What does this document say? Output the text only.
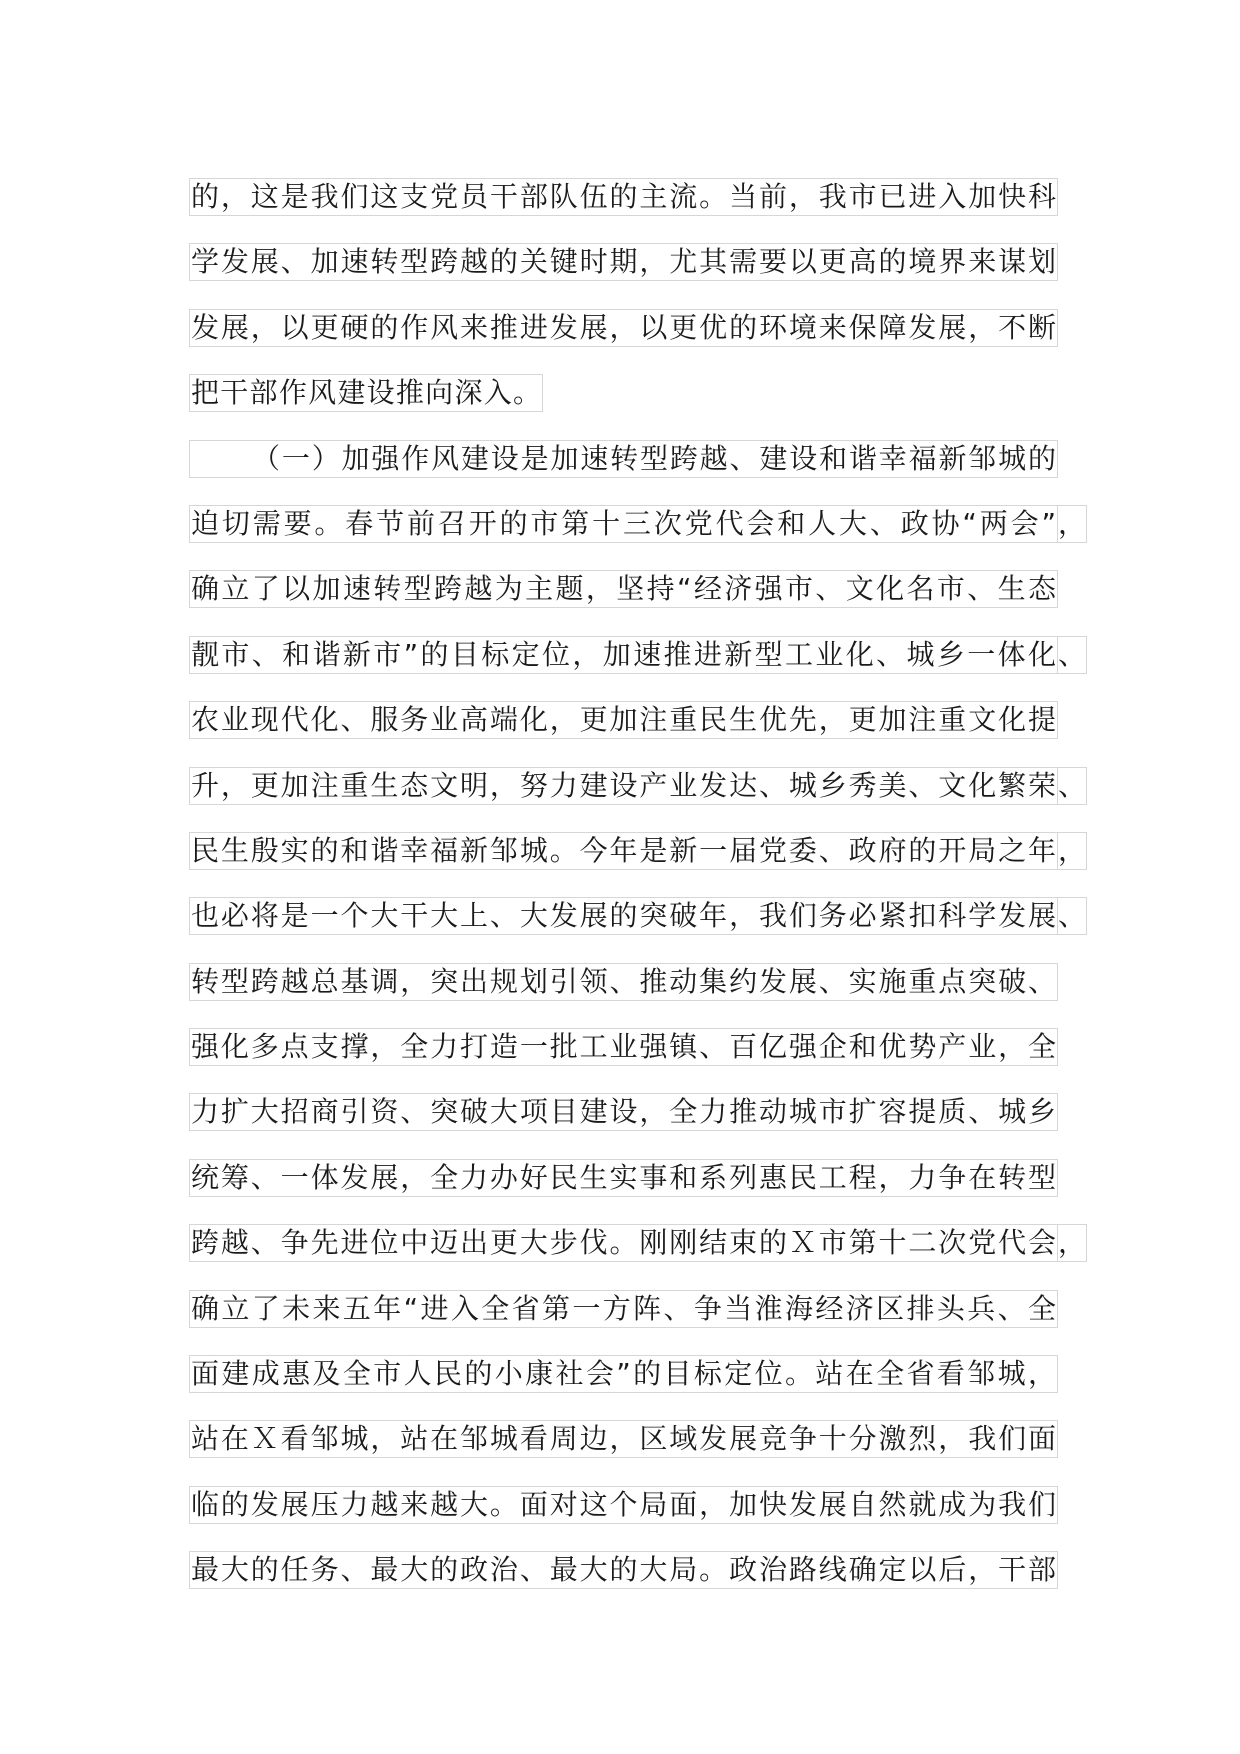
的，这是我们这支党员干部队伍的主流。当前，我市已进入加快科
学发展、加速转型跨越的关键时期，尤其需要以更高的境界来谋划
发展，以更硬的作风来推进发展，以更优的环境来保障发展，不断
把干部作风建设推向深入。
（一）加强作风建设是加速转型跨越、建设和谐幸福新邹城的
迫切需要。春节前召开的市第十三次党代会和人大、政协“两会” ，
确立了以加速转型跨越为主题，坚持“经济强市、文化名市、生态
靓市、和谐新市”的目标定位，加速推进新型工业化、城乡一体化 、
农业现代化、服务业高端化，更加注重民生优先，更加注重文化提
升，更加注重生态文明，努力建设产业发达、城乡秀美、文化繁荣 、
民生殷实的和谐幸福新邹城。今年是新一届党委、政府的开局之年 ，
也必将是一个大干大上、大发展的突破年，我们务必紧扣科学发展 、
转型跨越总基调，突出规划引领、推动集约发展、实施重点突破、
强化多点支撑，全力打造一批工业强镇、百亿强企和优势产业，全
力扩大招商引资、突破大项目建设，全力推动城市扩容提质、城乡
统筹、一体发展，全力办好民生实事和系列惠民工程，力争在转型
跨越、争先进位中迈出更大步伐。刚刚结束的Ｘ市第十二次党代会 ，
确立了未来五年“进入全省第一方阵、争当淮海经济区排头兵、全
面建成惠及全市人民的小康社会”的目标定位。站在全省看邹城，
站在Ｘ看邹城，站在邹城看周边，区域发展竞争十分激烈，我们面
临的发展压力越来越大。面对这个局面，加快发展自然就成为我们
最大的任务、最大的政治、最大的大局。政治路线确定以后，干部
